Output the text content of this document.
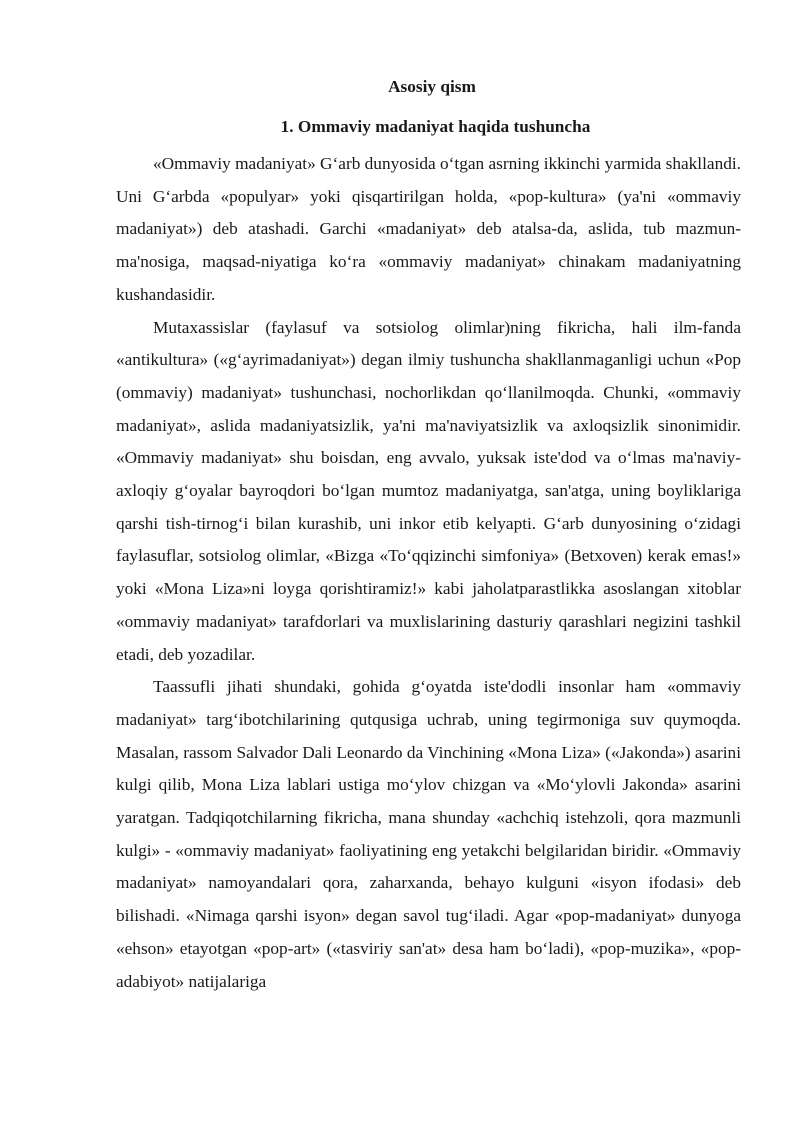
Asosiy qism

1. Ommaviy madaniyat haqida tushuncha

«Ommaviy madaniyat» G‘arb dunyosida o‘tgan asrning ikkinchi yarmida shakllandi. Uni G‘arbda «populyar» yoki qisqartirilgan holda, «pop-kultura» (ya'ni «ommaviy madaniyat») deb atashadi. Garchi «madaniyat» deb atalsa-da, aslida, tub mazmun-ma'nosiga, maqsad-niyatiga ko‘ra «ommaviy madaniyat» chinakam madaniyatning kushandasidir.

Mutaxassislar (faylasuf va sotsiolog olimlar)ning fikricha, hali ilm-fanda «antikultura» («g‘ayrimadaniyat») degan ilmiy tushuncha shakllanmaganligi uchun «Pop (ommaviy) madaniyat» tushunchasi, nochorlikdan qo‘llanilmoqda. Chunki, «ommaviy madaniyat», aslida madaniyatsizlik, ya'ni ma'naviyatsizlik va axloqsizlik sinonimidir. «Ommaviy madaniyat» shu boisdan, eng avvalo, yuksak iste'dod va o‘lmas ma'naviy-axloqiy g‘oyalar bayroqdori bo‘lgan mumtoz madaniyatga, san'atga, uning boyliklariga qarshi tish-tirnog‘i bilan kurashib, uni inkor etib kelyapti. G‘arb dunyosining o‘zidagi faylasuflar, sotsiolog olimlar, «Bizga «To‘qqizinchi simfoniya» (Betxoven) kerak emas!» yoki «Mona Liza»ni loyga qorishtiramiz!» kabi jaholatparastlikka asoslangan xitoblar «ommaviy madaniyat» tarafdorlari va muxlislarining dasturiy qarashlari negizini tashkil etadi, deb yozadilar.

Taassufli jihati shundaki, gohida g‘oyatda iste'dodli insonlar ham «ommaviy madaniyat» targ‘ibotchilarining qutqusiga uchrab, uning tegirmoniga suv quymoqda. Masalan, rassom Salvador Dali Leonardo da Vinchining «Mona Liza» («Jakonda») asarini kulgi qilib, Mona Liza lablari ustiga mo‘ylov chizgan va «Mo‘ylovli Jakonda» asarini yaratgan. Tadqiqotchilarning fikricha, mana shunday «achchiq istehzoli, qora mazmunli kulgi» - «ommaviy madaniyat» faoliyatining eng yetakchi belgilaridan biridir. «Ommaviy madaniyat» namoyandalari qora, zaharxanda, behayo kulguni «isyon ifodasi» deb bilishadi. «Nimaga qarshi isyon» degan savol tug‘iladi. Agar «pop-madaniyat» dunyoga «ehson» etayotgan «pop-art» («tasviriy san'at» desa ham bo‘ladi), «pop-muzika», «pop-adabiyot» natijalariga
